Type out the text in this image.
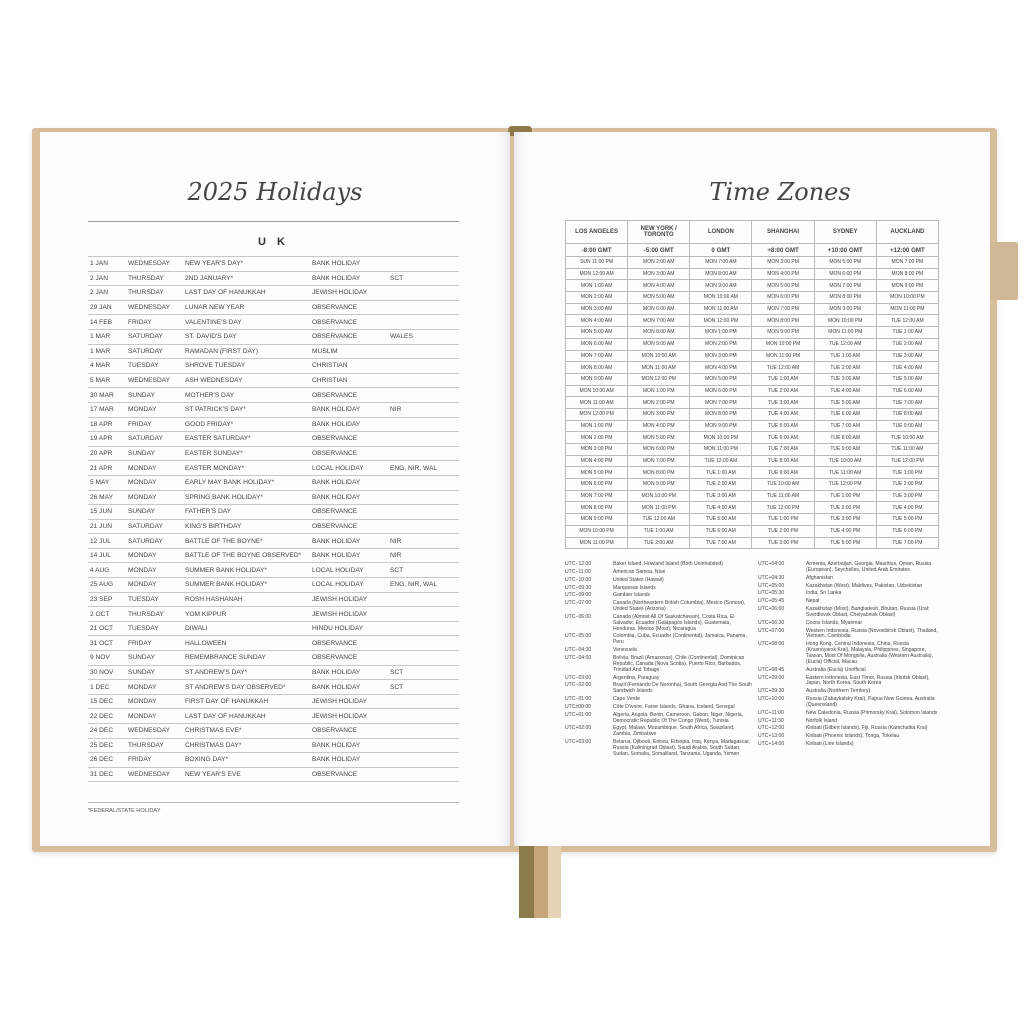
2025 Holidays
U K
1 JAN	WEDNESDAY	NEW YEAR'S DAY*	BANK HOLIDAY	
2 JAN	THURSDAY	2ND JANUARY*	BANK HOLIDAY	SCT
2 JAN	THURSDAY	LAST DAY OF HANUKKAH	JEWISH HOLIDAY	
29 JAN	WEDNESDAY	LUNAR NEW YEAR	OBSERVANCE	
14 FEB	FRIDAY	VALENTINE'S DAY	OBSERVANCE	
1 MAR	SATURDAY	ST. DAVID'S DAY	OBSERVANCE	WALES
1 MAR	SATURDAY	RAMADAN (FIRST DAY)	MUSLIM	
4 MAR	TUESDAY	SHROVE TUESDAY	CHRISTIAN	
5 MAR	WEDNESDAY	ASH WEDNESDAY	CHRISTIAN	
30 MAR	SUNDAY	MOTHER'S DAY	OBSERVANCE	
17 MAR	MONDAY	ST PATRICK'S DAY*	BANK HOLIDAY	NIR
18 APR	FRIDAY	GOOD FRIDAY*	BANK HOLIDAY	
19 APR	SATURDAY	EASTER SATURDAY*	OBSERVANCE	
20 APR	SUNDAY	EASTER SUNDAY*	OBSERVANCE	
21 APR	MONDAY	EASTER MONDAY*	LOCAL HOLIDAY	ENG, NIR, WAL
5 MAY	MONDAY	EARLY MAY BANK HOLIDAY*	BANK HOLIDAY	
26 MAY	MONDAY	SPRING BANK HOLIDAY*	BANK HOLIDAY	
15 JUN	SUNDAY	FATHER'S DAY	OBSERVANCE	
21 JUN	SATURDAY	KING'S BIRTHDAY	OBSERVANCE	
12 JUL	SATURDAY	BATTLE OF THE BOYNE*	BANK HOLIDAY	NIR
14 JUL	MONDAY	BATTLE OF THE BOYNE OBSERVED*	BANK HOLIDAY	NIR
4 AUG	MONDAY	SUMMER BANK HOLIDAY*	LOCAL HOLIDAY	SCT
25 AUG	MONDAY	SUMMER BANK HOLIDAY*	LOCAL HOLIDAY	ENG, NIR, WAL
23 SEP	TUESDAY	ROSH HASHANAH	JEWISH HOLIDAY	
2 OCT	THURSDAY	YOM KIPPUR	JEWISH HOLIDAY	
21 OCT	TUESDAY	DIWALI	HINDU HOLIDAY	
31 OCT	FRIDAY	HALLOWEEN	OBSERVANCE	
9 NOV	SUNDAY	REMEMBRANCE SUNDAY	OBSERVANCE	
30 NOV	SUNDAY	ST ANDREW'S DAY*	BANK HOLIDAY	SCT
1 DEC	MONDAY	ST ANDREW'S DAY OBSERVED*	BANK HOLIDAY	SCT
15 DEC	MONDAY	FIRST DAY OF HANUKKAH	JEWISH HOLIDAY	
22 DEC	MONDAY	LAST DAY OF HANUKKAH	JEWISH HOLIDAY	
24 DEC	WEDNESDAY	CHRISTMAS EVE*	OBSERVANCE	
25 DEC	THURSDAY	CHRISTMAS DAY*	BANK HOLIDAY	
26 DEC	FRIDAY	BOXING DAY*	BANK HOLIDAY	
31 DEC	WEDNESDAY	NEW YEAR'S EVE	OBSERVANCE	
*FEDERAL/STATE HOLIDAY
Time Zones
LOS ANGELES	NEW YORK / TORONTO	LONDON	SHANGHAI	SYDNEY	AUCKLAND
-8:00 GMT	-5:00 GMT	0 GMT	+8:00 GMT	+10:00 GMT	+12:00 GMT
SUN 11:00 PM	MON 2:00 AM	MON 7:00 AM	MON 3:00 PM	MON 5:00 PM	MON 7:00 PM
MON 12:00 AM	MON 3:00 AM	MON 8:00 AM	MON 4:00 PM	MON 6:00 PM	MON 8:00 PM
MON 1:00 AM	MON 4:00 AM	MON 9:00 AM	MON 5:00 PM	MON 7:00 PM	MON 9:00 PM
MON 2:00 AM	MON 5:00 AM	MON 10:00 AM	MON 6:00 PM	MON 8:00 PM	MON 10:00 PM
MON 3:00 AM	MON 6:00 AM	MON 11:00 AM	MON 7:00 PM	MON 9:00 PM	MON 11:00 PM
MON 4:00 AM	MON 7:00 AM	MON 12:00 PM	MON 8:00 PM	MON 10:00 PM	TUE 12:00 AM
MON 5:00 AM	MON 8:00 AM	MON 1:00 PM	MON 9:00 PM	MON 11:00 PM	TUE 1:00 AM
MON 6:00 AM	MON 9:00 AM	MON 2:00 PM	MON 10:00 PM	TUE 12:00 AM	TUE 2:00 AM
MON 7:00 AM	MON 10:00 AM	MON 3:00 PM	MON 11:00 PM	TUE 1:00 AM	TUE 3:00 AM
MON 8:00 AM	MON 11:00 AM	MON 4:00 PM	TUE 12:00 AM	TUE 2:00 AM	TUE 4:00 AM
MON 9:00 AM	MON 12:00 PM	MON 5:00 PM	TUE 1:00 AM	TUE 3:00 AM	TUE 5:00 AM
MON 10:00 AM	MON 1:00 PM	MON 6:00 PM	TUE 2:00 AM	TUE 4:00 AM	TUE 6:00 AM
MON 11:00 AM	MON 2:00 PM	MON 7:00 PM	TUE 3:00 AM	TUE 5:00 AM	TUE 7:00 AM
MON 12:00 PM	MON 3:00 PM	MON 8:00 PM	TUE 4:00 AM	TUE 6:00 AM	TUE 8:00 AM
MON 1:00 PM	MON 4:00 PM	MON 9:00 PM	TUE 5:00 AM	TUE 7:00 AM	TUE 9:00 AM
MON 2:00 PM	MON 5:00 PM	MON 10:00 PM	TUE 6:00 AM	TUE 8:00 AM	TUE 10:00 AM
MON 3:00 PM	MON 6:00 PM	MON 11:00 PM	TUE 7:00 AM	TUE 9:00 AM	TUE 11:00 AM
MON 4:00 PM	MON 7:00 PM	TUE 12:00 AM	TUE 8:00 AM	TUE 10:00 AM	TUE 12:00 PM
MON 5:00 PM	MON 8:00 PM	TUE 1:00 AM	TUE 9:00 AM	TUE 11:00 AM	TUE 1:00 PM
MON 6:00 PM	MON 9:00 PM	TUE 2:00 AM	TUE 10:00 AM	TUE 12:00 PM	TUE 2:00 PM
MON 7:00 PM	MON 10:00 PM	TUE 3:00 AM	TUE 11:00 AM	TUE 1:00 PM	TUE 3:00 PM
MON 8:00 PM	MON 11:00 PM	TUE 4:00 AM	TUE 12:00 PM	TUE 2:00 PM	TUE 4:00 PM
MON 9:00 PM	TUE 12:00 AM	TUE 5:00 AM	TUE 1:00 PM	TUE 3:00 PM	TUE 5:00 PM
MON 10:00 PM	TUE 1:00 AM	TUE 6:00 AM	TUE 2:00 PM	TUE 4:00 PM	TUE 6:00 PM
MON 11:00 PM	TUE 2:00 AM	TUE 7:00 AM	TUE 3:00 PM	TUE 5:00 PM	TUE 7:00 PM
UTC−12:00	Baker Island, Howland Island (Both Uninhabited)
UTC−11:00	American Samoa, Niue
UTC−10:00	United States (Hawaii)
UTC−09:30	Marquesas Islands
UTC−09:00	Gambier Islands
UTC−07:00	Canada (Northeastern British Columbia), Mexico (Sonora), United States (Arizona)
UTC−06:00	Canada (Almost All Of Saskatchewan), Costa Rica, El Salvador, Ecuador (Galápagos Islands), Guatemala, Honduras, Mexico (Most), Nicaragua
UTC−05:00	Colombia, Cuba, Ecuador (Continental), Jamaica, Panama, Peru
UTC−04:30	Venezuela
UTC−04:00	Bolivia, Brazil (Amazonas), Chile (Continental), Dominican Republic, Canada (Nova Scotia), Puerto Rico, Barbados, Trinidad And Tobago
UTC−03:00	Argentina, Paraguay
UTC−02:00	Brazil (Fernando De Noronha), South Georgia And The South Sandwich Islands
UTC−01:00	Cape Verde
UTC±00:00	Côte D'ivoire, Faroe Islands, Ghana, Iceland, Senegal
UTC+01:00	Algeria, Angola, Benin, Cameroon, Gabon, Niger, Nigeria, Democratic Republic Of The Congo (West), Tunisia
UTC+02:00	Egypt, Malawi, Mozambique, South Africa, Swaziland, Zambia, Zimbabwe
UTC+03:00	Belarus, Djibouti, Eritrea, Ethiopia, Iraq, Kenya, Madagascar, Russia (Kaliningrad Oblast), Saudi Arabia, South Sudan, Sudan, Somalia, Somaliland, Tanzania, Uganda, Yemen
UTC+04:00	Armenia, Azerbaijan, Georgia, Mauritius, Oman, Russia (European), Seychelles, United Arab Emirates
UTC+04:30	Afghanistan
UTC+05:00	Kazakhstan (West), Maldives, Pakistan, Uzbekistan
UTC+05:30	India, Sri Lanka
UTC+05:45	Nepal
UTC+06:00	Kazakhstan (Most), Bangladesh, Bhutan, Russia (Ural: Sverdlovsk Oblast, Chelyabinsk Oblast)
UTC+06:30	Cocos Islands, Myanmar
UTC+07:00	Western Indonesia, Russia (Novosibirsk Oblast), Thailand, Vietnam, Cambodia
UTC+08:00	Hong Kong, Central Indonesia, China, Russia (Krasnoyarsk Krai), Malaysia, Philippines, Singapore, Taiwan, Most Of Mongolia, Australia (Western Australia), (Eucla) Official, Macau
UTC+08:45	Australia (Eucla) Unofficial
UTC+09:00	Eastern Indonesia, East Timor, Russia (Irkutsk Oblast), Japan, North Korea, South Korea
UTC+09:30	Australia (Northern Territory)
UTC+10:00	Russia (Zabaykalsky Krai), Papua New Guinea, Australia (Queensland)
UTC+11:00	New Caledonia, Russia (Primorsky Krai), Solomon Islands
UTC+11:30	Norfolk Island
UTC+12:00	Kiribati (Gilbert Islands), Fiji, Russia (Kamchatka Krai)
UTC+13:00	Kiribati (Phoenix Islands), Tonga, Tokelau
UTC+14:00	Kiribati (Line Islands)
